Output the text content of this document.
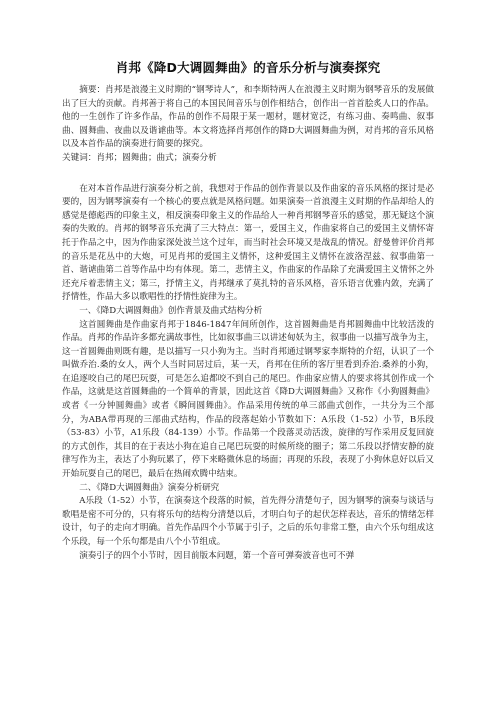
肖邦《降D大调圆舞曲》的音乐分析与演奏探究

摘要：肖邦是浪漫主义时期的“钢琴诗人”，和李斯特两人在浪漫主义时期为钢琴音乐的发展做出了巨大的贡献。肖邦善于将自己的本国民间音乐与创作相结合，创作出一首首脍炙人口的作品。他的一生创作了许多作品，作品的创作不局限于某一题材，题材宽泛，有练习曲、奏鸣曲、叙事曲、圆舞曲、夜曲以及谐谑曲等。本文将选择肖邦创作的降D大调圆舞曲为例，对肖邦的音乐风格以及本首作品的演奏进行简要的探究。

关键词：肖邦；圆舞曲；曲式；演奏分析

在对本首作品进行演奏分析之前，我想对于作品的创作背景以及作曲家的音乐风格的探讨是必要的，因为钢琴演奏有一个核心的要点就是风格问题。如果演奏一首浪漫主义时期的作品却给人的感觉是德彪西的印象主义，相反演奏印象主义的作品给人一种肖邦钢琴音乐的感觉，那无疑这个演奏的失败的。肖邦的钢琴音乐充满了三大特点：第一，爱国主义，作曲家将自己的爱国主义情怀寄托于作品之中，因为作曲家深处波兰这个过年，而当时社会环境又是战乱的情况。舒曼曾评价肖邦的音乐是花丛中的大炮，可见肖邦的爱国主义情怀，这种爱国主义情怀在波洛涅兹、叙事曲第一首、谐谑曲第二首等作品中均有体现。第二，悲情主义，作曲家的作品除了充满爱国主义情怀之外还充斥着悲情主义；第三，抒情主义，肖邦继承了莫扎特的音乐风格，音乐语言优雅内敛，充满了抒情性，作品大多以歌唱性的抒情性旋律为主。

一、《降D大调圆舞曲》创作背景及曲式结构分析

这首圆舞曲是作曲家肖邦于1846-1847年间所创作，这首圆舞曲是肖邦圆舞曲中比较活泼的作品。肖邦的作品许多都充满故事性，比如叙事曲三以讲述甸妖为主，叙事曲一以描写战争为主，这一首圆舞曲则既有趣，是以描写一只小狗为主。当时肖邦通过钢琴家李斯特的介绍，认识了一个叫做乔治.桑的女人，两个人当时同居过后，某一天，肖邦在住所的客厅里看到乔治.桑养的小狗，在追逐咬自己的尾巴玩耍，可是怎么追都咬不到自己的尾巴。作曲家应情人的要求将其创作成一个作品，这就是这首圆舞曲的一个简单的背景，因此这首《降D大调圆舞曲》又称作《小狗圆舞曲》或者《一分钟圆舞曲》或者《瞬间圆舞曲》。作品采用传统的单三部曲式创作，一共分为三个部分，为ABA带再现的三部曲式结构，作品的段落起始小节数如下：A乐段（1-52）小节，B乐段（53-83）小节，A1乐段（84-139）小节。作品第一个段落灵动活泼，旋律的写作采用反复回旋的方式创作，其目的在于表达小狗在追自己尾巴玩耍的时候所绕的圈子；第二乐段以抒情安静的旋律写作为主，表达了小狗玩累了，停下来略微休息的场面；再现的乐段，表现了小狗休息好以后又开始玩耍自己的尾巴，最后在热闹欢腾中结束。

二、《降D大调圆舞曲》演奏分析研究

A乐段（1-52）小节，在演奏这个段落的时候，首先得分清楚句子，因为钢琴的演奏与谈话与歌唱是密不可分的，只有将乐句的结构分清楚以后，才明白句子的起伏怎样表达，音乐的情绪怎样设计，句子的走向才明确。首先作品四个小节属于引子，之后的乐句非常工整，由六个乐句组成这个乐段，每一个乐句都是由八个小节组成。

演奏引子的四个小节时，因目前版本问题，第一个音可弹奏波音也可不弹
